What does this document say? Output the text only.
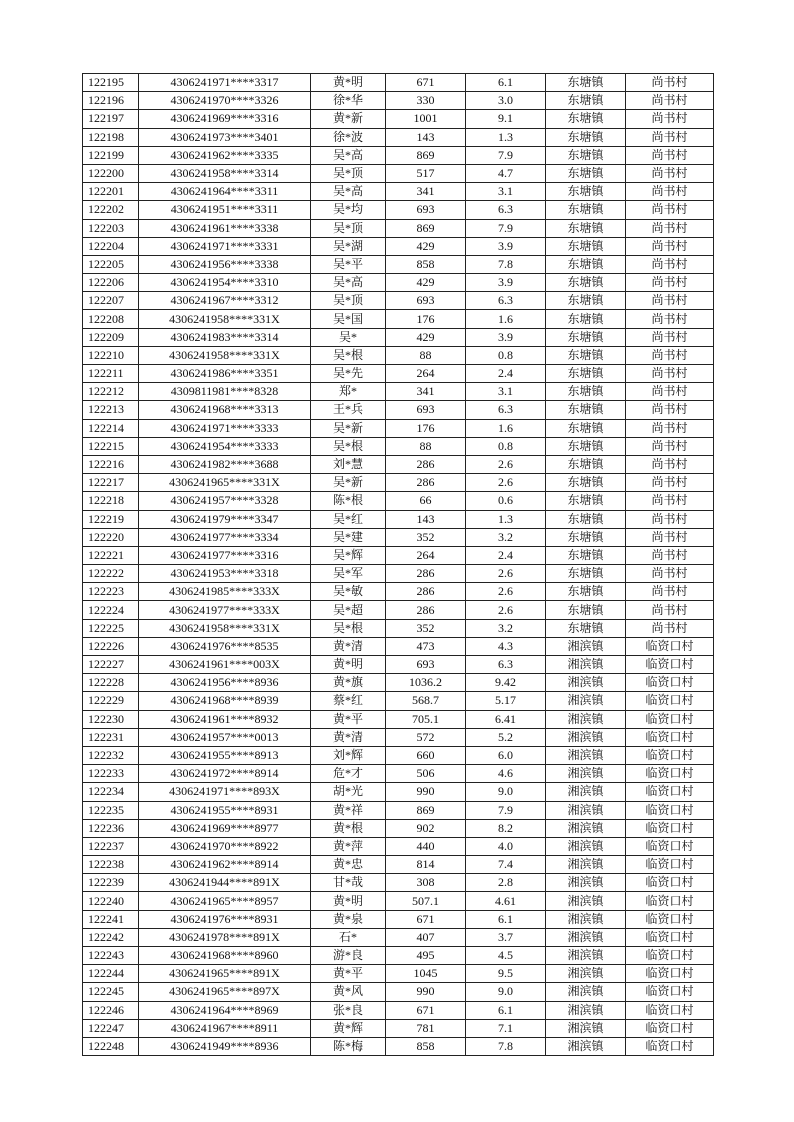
122195	4306241971****3317	黄*明	671	6.1	东塘镇	尚书村
122196	4306241970****3326	徐*华	330	3.0	东塘镇	尚书村
122197	4306241969****3316	黄*新	1001	9.1	东塘镇	尚书村
122198	4306241973****3401	徐*波	143	1.3	东塘镇	尚书村
122199	4306241962****3335	吴*高	869	7.9	东塘镇	尚书村
122200	4306241958****3314	吴*顶	517	4.7	东塘镇	尚书村
122201	4306241964****3311	吴*高	341	3.1	东塘镇	尚书村
122202	4306241951****3311	吴*均	693	6.3	东塘镇	尚书村
122203	4306241961****3338	吴*顶	869	7.9	东塘镇	尚书村
122204	4306241971****3331	吴*湖	429	3.9	东塘镇	尚书村
122205	4306241956****3338	吴*平	858	7.8	东塘镇	尚书村
122206	4306241954****3310	吴*高	429	3.9	东塘镇	尚书村
122207	4306241967****3312	吴*顶	693	6.3	东塘镇	尚书村
122208	4306241958****331X	吴*国	176	1.6	东塘镇	尚书村
122209	4306241983****3314	吴*	429	3.9	东塘镇	尚书村
122210	4306241958****331X	吴*根	88	0.8	东塘镇	尚书村
122211	4306241986****3351	吴*先	264	2.4	东塘镇	尚书村
122212	4309811981****8328	郑*	341	3.1	东塘镇	尚书村
122213	4306241968****3313	王*兵	693	6.3	东塘镇	尚书村
122214	4306241971****3333	吴*新	176	1.6	东塘镇	尚书村
122215	4306241954****3333	吴*根	88	0.8	东塘镇	尚书村
122216	4306241982****3688	刘*慧	286	2.6	东塘镇	尚书村
122217	4306241965****331X	吴*新	286	2.6	东塘镇	尚书村
122218	4306241957****3328	陈*根	66	0.6	东塘镇	尚书村
122219	4306241979****3347	吴*红	143	1.3	东塘镇	尚书村
122220	4306241977****3334	吴*建	352	3.2	东塘镇	尚书村
122221	4306241977****3316	吴*辉	264	2.4	东塘镇	尚书村
122222	4306241953****3318	吴*军	286	2.6	东塘镇	尚书村
122223	4306241985****333X	吴*敏	286	2.6	东塘镇	尚书村
122224	4306241977****333X	吴*超	286	2.6	东塘镇	尚书村
122225	4306241958****331X	吴*根	352	3.2	东塘镇	尚书村
122226	4306241976****8535	黄*清	473	4.3	湘滨镇	临资口村
122227	4306241961****003X	黄*明	693	6.3	湘滨镇	临资口村
122228	4306241956****8936	黄*旗	1036.2	9.42	湘滨镇	临资口村
122229	4306241968****8939	蔡*红	568.7	5.17	湘滨镇	临资口村
122230	4306241961****8932	黄*平	705.1	6.41	湘滨镇	临资口村
122231	4306241957****0013	黄*清	572	5.2	湘滨镇	临资口村
122232	4306241955****8913	刘*辉	660	6.0	湘滨镇	临资口村
122233	4306241972****8914	危*才	506	4.6	湘滨镇	临资口村
122234	4306241971****893X	胡*光	990	9.0	湘滨镇	临资口村
122235	4306241955****8931	黄*祥	869	7.9	湘滨镇	临资口村
122236	4306241969****8977	黄*根	902	8.2	湘滨镇	临资口村
122237	4306241970****8922	黄*萍	440	4.0	湘滨镇	临资口村
122238	4306241962****8914	黄*忠	814	7.4	湘滨镇	临资口村
122239	4306241944****891X	甘*哉	308	2.8	湘滨镇	临资口村
122240	4306241965****8957	黄*明	507.1	4.61	湘滨镇	临资口村
122241	4306241976****8931	黄*泉	671	6.1	湘滨镇	临资口村
122242	4306241978****891X	石*	407	3.7	湘滨镇	临资口村
122243	4306241968****8960	游*良	495	4.5	湘滨镇	临资口村
122244	4306241965****891X	黄*平	1045	9.5	湘滨镇	临资口村
122245	4306241965****897X	黄*风	990	9.0	湘滨镇	临资口村
122246	4306241964****8969	张*良	671	6.1	湘滨镇	临资口村
122247	4306241967****8911	黄*辉	781	7.1	湘滨镇	临资口村
122248	4306241949****8936	陈*梅	858	7.8	湘滨镇	临资口村
